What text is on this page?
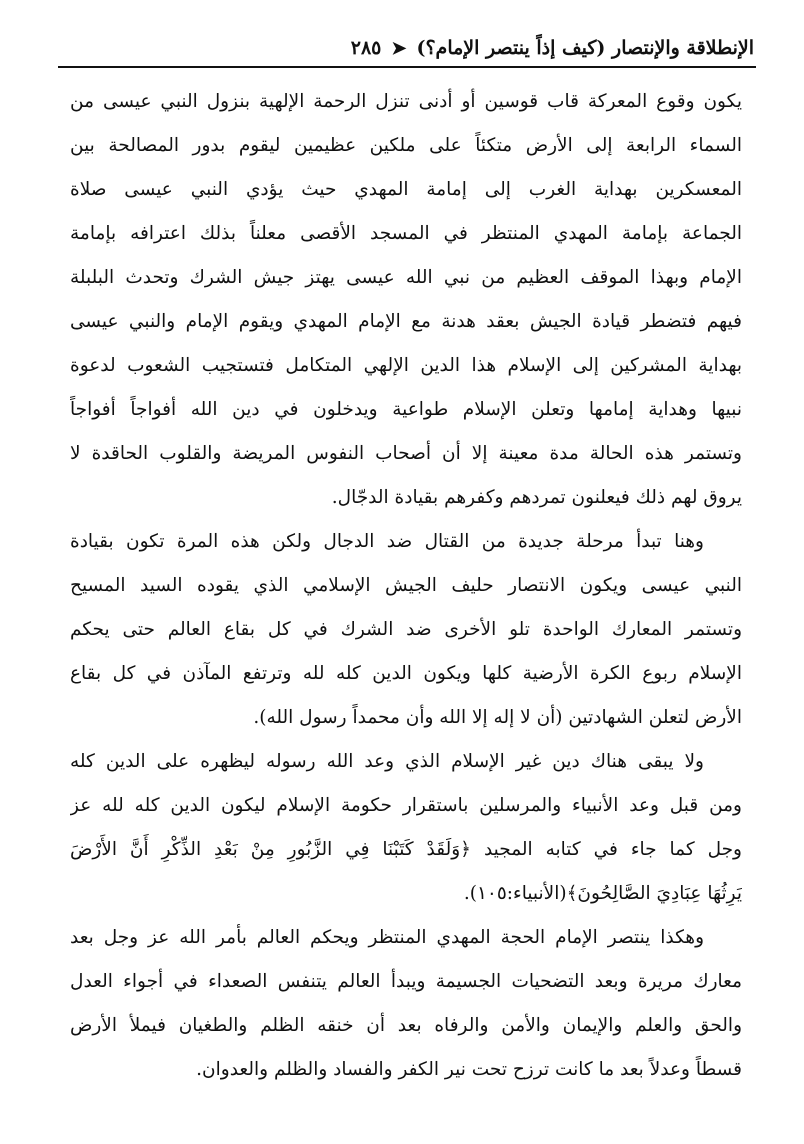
الإنطلاقة والإنتصار (كيف إذاً ينتصر الإمام؟)
➤
٢٨٥
يكون وقوع المعركة قاب قوسين أو أدنى تنزل الرحمة الإلهية بنزول النبي عيسى من
السماء الرابعة إلى الأرض متكئاً على ملكين عظيمين ليقوم بدور المصالحة بين
المعسكرين بهداية الغرب إلى إمامة المهدي حيث يؤدي النبي عيسى صلاة
الجماعة بإمامة المهدي المنتظر في المسجد الأقصى معلناً بذلك اعترافه بإمامة
الإمام وبهذا الموقف العظيم من نبي الله عيسى يهتز جيش الشرك وتحدث البلبلة
فيهم فتضطر قيادة الجيش بعقد هدنة مع الإمام المهدي ويقوم الإمام والنبي عيسى
بهداية المشركين إلى الإسلام هذا الدين الإلهي المتكامل فتستجيب الشعوب لدعوة
نبيها وهداية إمامها وتعلن الإسلام طواعية ويدخلون في دين الله أفواجاً أفواجاً
وتستمر هذه الحالة مدة معينة إلا أن أصحاب النفوس المريضة والقلوب الحاقدة لا
يروق لهم ذلك فيعلنون تمردهم وكفرهم بقيادة الدجّال.
وهنا تبدأ مرحلة جديدة من القتال ضد الدجال ولكن هذه المرة تكون بقيادة
النبي عيسى ويكون الانتصار حليف الجيش الإسلامي الذي يقوده السيد المسيح
وتستمر المعارك الواحدة تلو الأخرى ضد الشرك في كل بقاع العالم حتى يحكم
الإسلام ربوع الكرة الأرضية كلها ويكون الدين كله لله وترتفع المآذن في كل بقاع
الأرض لتعلن الشهادتين (أن لا إله إلا الله وأن محمداً رسول الله).
ولا يبقى هناك دين غير الإسلام الذي وعد الله رسوله ليظهره على الدين كله
ومن قبل وعد الأنبياء والمرسلين باستقرار حكومة الإسلام ليكون الدين كله لله عز
وجل كما جاء في كتابه المجيد ﴿وَلَقَدْ كَتَبْنَا فِي الزَّبُورِ مِنْ بَعْدِ الذِّكْرِ أَنَّ الأَرْضَ
يَرِثُهَا عِبَادِيَ الصَّالِحُونَ﴾(الأنبياء:١٠٥).
وهكذا ينتصر الإمام الحجة المهدي المنتظر ويحكم العالم بأمر الله عز وجل بعد
معارك مريرة وبعد التضحيات الجسيمة ويبدأ العالم يتنفس الصعداء في أجواء العدل
والحق والعلم والإيمان والأمن والرفاه بعد أن خنقه الظلم والطغيان فيملأ الأرض
قسطاً وعدلاً بعد ما كانت ترزح تحت نير الكفر والفساد والظلم والعدوان.
